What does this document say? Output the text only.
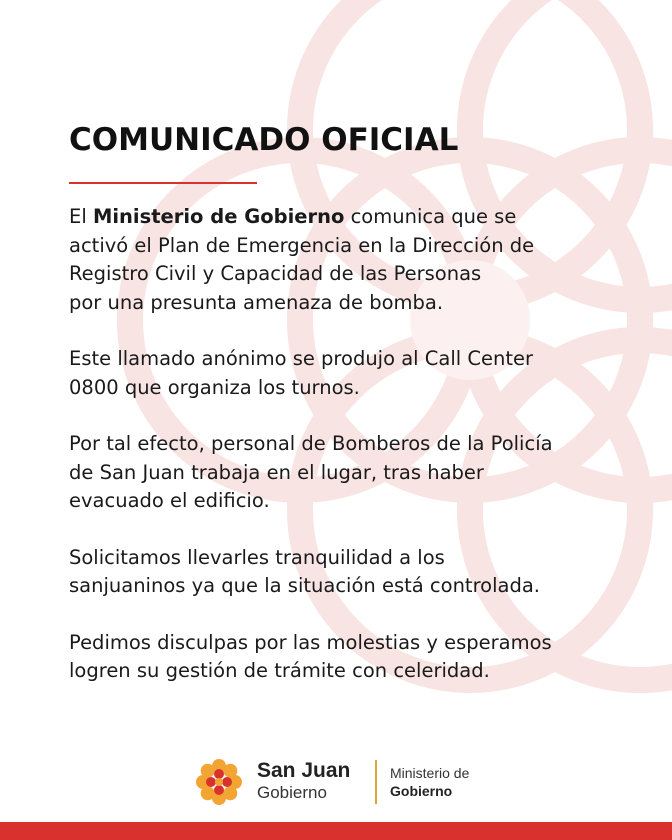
COMUNICADO OFICIAL

El Ministerio de Gobierno comunica que se
activó el Plan de Emergencia en la Dirección de
Registro Civil y Capacidad de las Personas
por una presunta amenaza de bomba.

Este llamado anónimo se produjo al Call Center
0800 que organiza los turnos.

Por tal efecto, personal de Bomberos de la Policía
de San Juan trabaja en el lugar, tras haber
evacuado el edificio.

Solicitamos llevarles tranquilidad a los
sanjuaninos ya que la situación está controlada.

Pedimos disculpas por las molestias y esperamos
logren su gestión de trámite con celeridad.

San Juan
Gobierno
Ministerio de
Gobierno
